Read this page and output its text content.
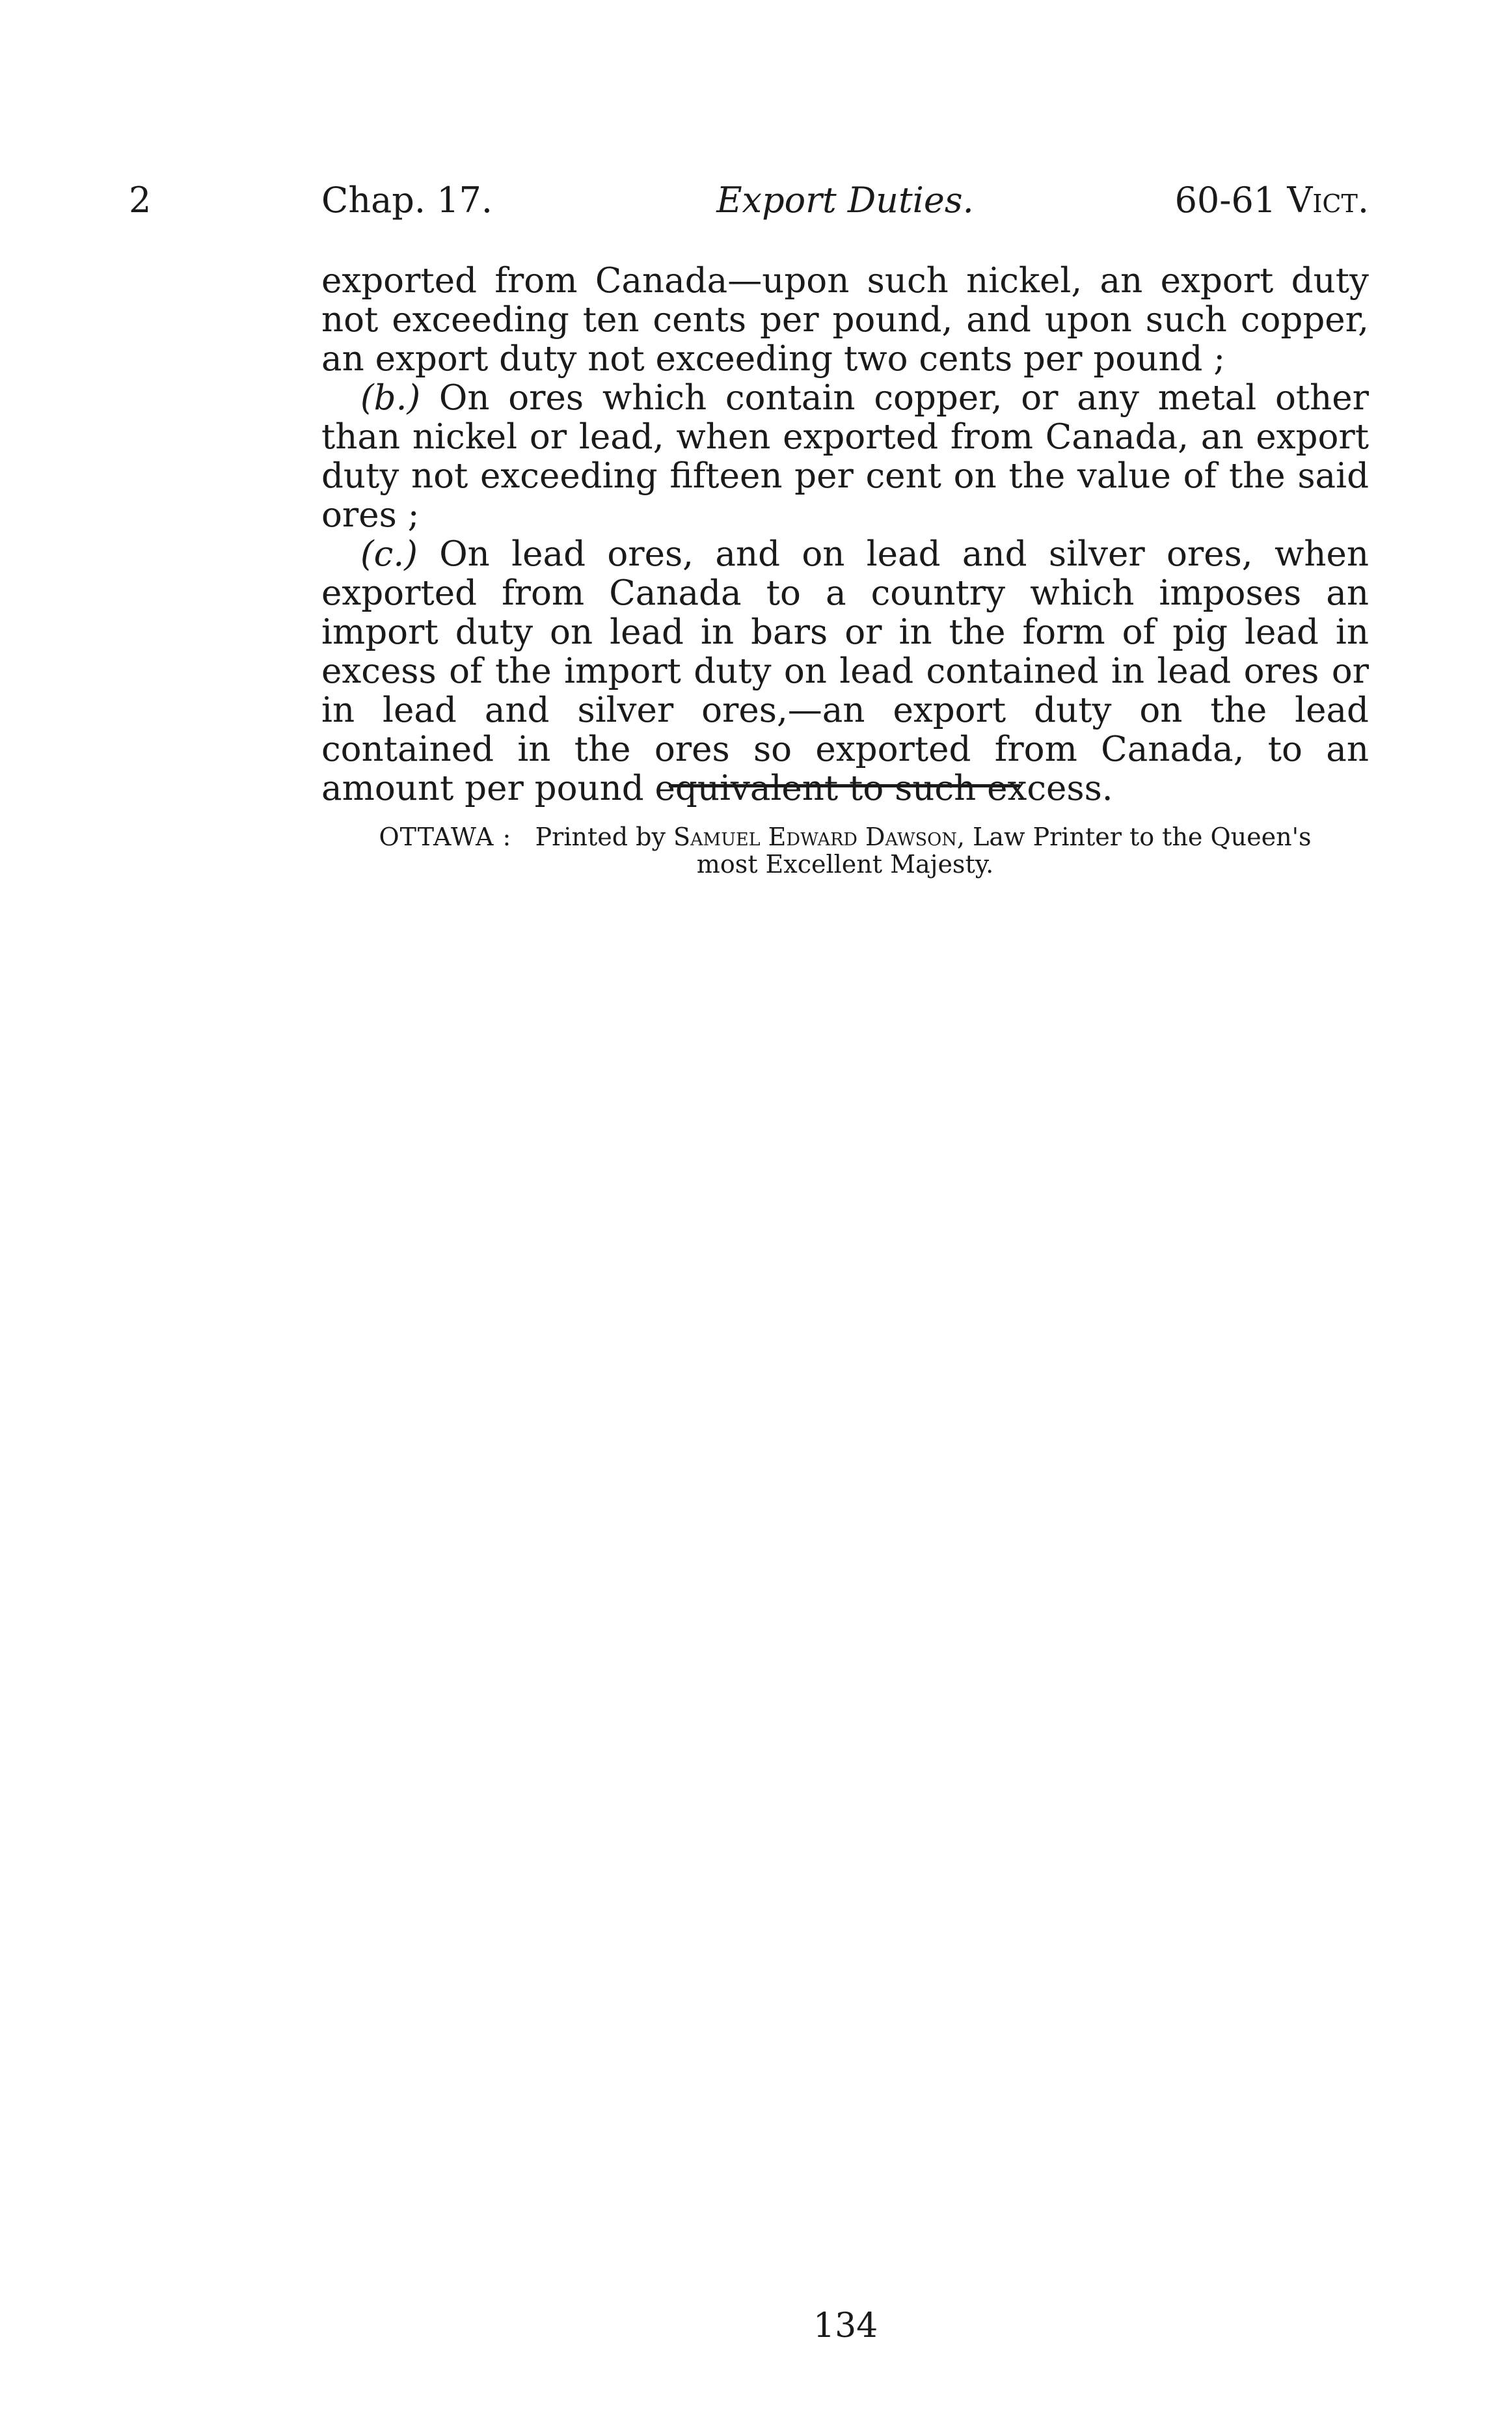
2	Chap. 17.	Export Duties.	60-61 Vict.

exported from Canada—upon such nickel, an export duty not exceeding ten cents per pound, and upon such copper, an export duty not exceeding two cents per pound ;

(b.) On ores which contain copper, or any metal other than nickel or lead, when exported from Canada, an export duty not exceeding fifteen per cent on the value of the said ores ;

(c.) On lead ores, and on lead and silver ores, when exported from Canada to a country which imposes an import duty on lead in bars or in the form of pig lead in excess of the import duty on lead contained in lead ores or in lead and silver ores,—an export duty on the lead contained in the ores so exported from Canada, to an amount per pound equivalent to such excess.

OTTAWA : Printed by Samuel Edward Dawson, Law Printer to the Queen's
most Excellent Majesty.
134
